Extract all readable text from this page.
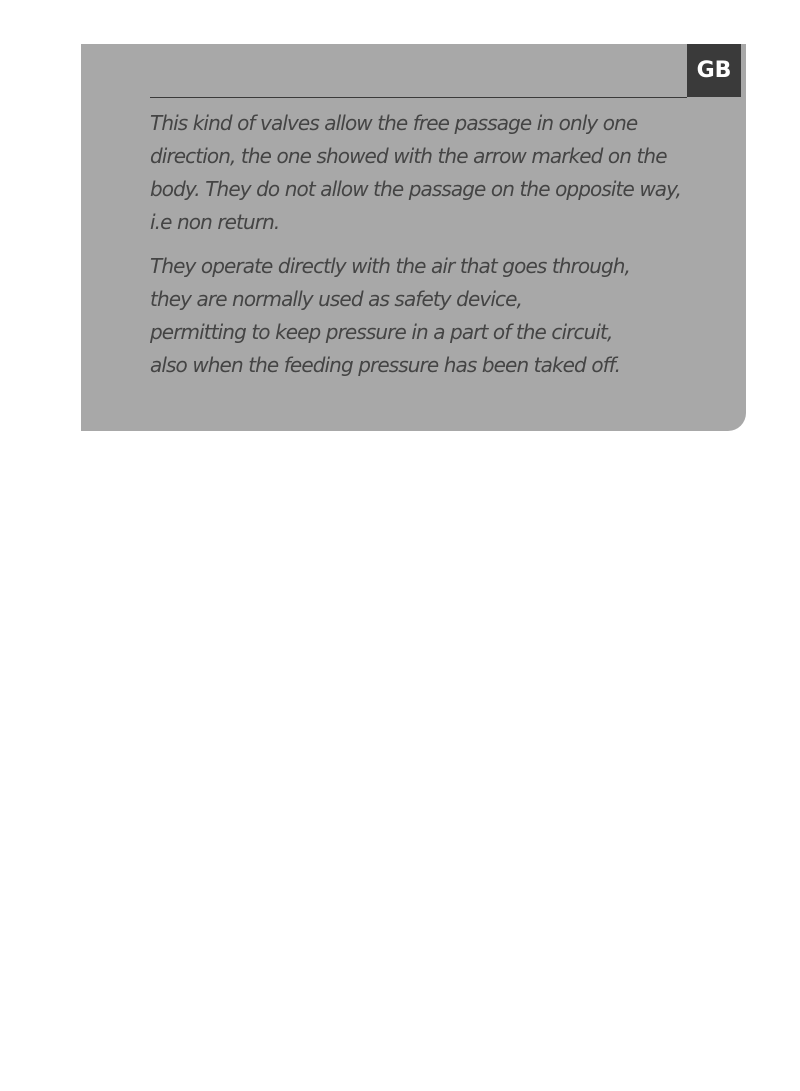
GB

This kind of valves allow the free passage in only one
direction, the one showed with the arrow marked on the
body. They do not allow the passage on the opposite way,
i.e non return.

They operate directly with the air that goes through,
they are normally used as safety device,
permitting to keep pressure in a part of the circuit,
also when the feeding pressure has been taked off.
